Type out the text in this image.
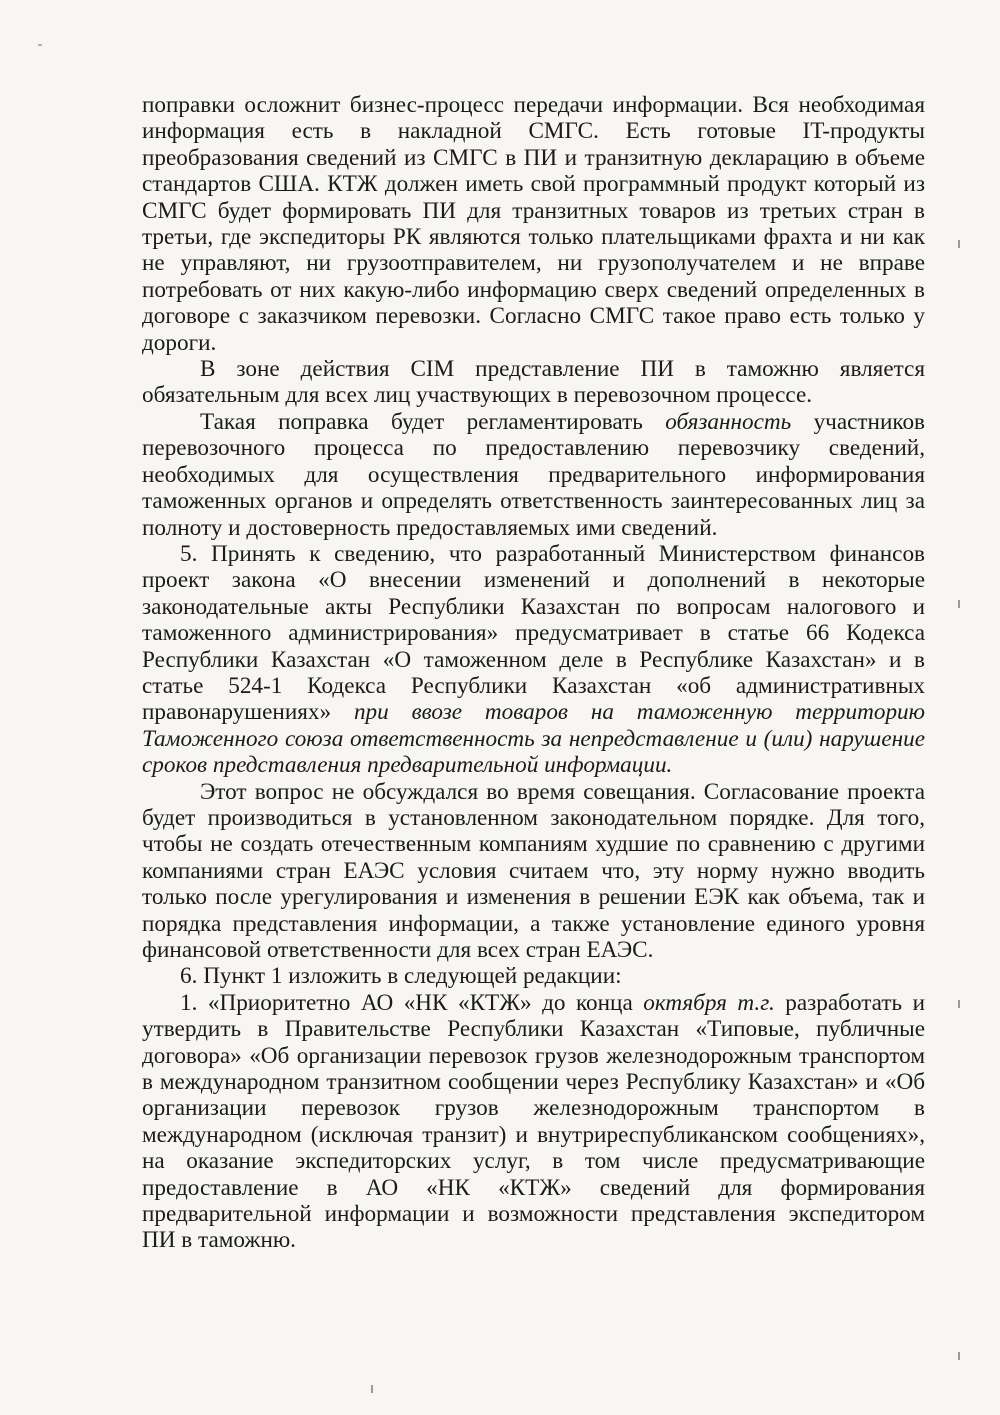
поправки осложнит бизнес-процесс передачи информации. Вся необходимая информация есть в накладной СМГС. Есть готовые IT-продукты преобразования сведений из СМГС в ПИ и транзитную декларацию в объеме стандартов США. КТЖ должен иметь свой программный продукт который из СМГС будет формировать ПИ для транзитных товаров из третьих стран в третьи, где экспедиторы РК являются только плательщиками фрахта и ни как не управляют, ни грузоотправителем, ни грузополучателем и не вправе потребовать от них какую-либо информацию сверх сведений определенных в договоре с заказчиком перевозки. Согласно СМГС такое право есть только у дороги.

В зоне действия CIM представление ПИ в таможню является обязательным для всех лиц участвующих в перевозочном процессе.

Такая поправка будет регламентировать обязанность участников перевозочного процесса по предоставлению перевозчику сведений, необходимых для осуществления предварительного информирования таможенных органов и определять ответственность заинтересованных лиц за полноту и достоверность предоставляемых ими сведений.

5. Принять к сведению, что разработанный Министерством финансов проект закона «О внесении изменений и дополнений в некоторые законодательные акты Республики Казахстан по вопросам налогового и таможенного администрирования» предусматривает в статье 66 Кодекса Республики Казахстан «О таможенном деле в Республике Казахстан» и в статье 524-1 Кодекса Республики Казахстан «об административных правонарушениях» при ввозе товаров на таможенную территорию Таможенного союза ответственность за непредставление и (или) нарушение сроков представления предварительной информации.

Этот вопрос не обсуждался во время совещания. Согласование проекта будет производиться в установленном законодательном порядке. Для того, чтобы не создать отечественным компаниям худшие по сравнению с другими компаниями стран ЕАЭС условия считаем что, эту норму нужно вводить только после урегулирования и изменения в решении ЕЭК как объема, так и порядка представления информации, а также установление единого уровня финансовой ответственности для всех стран ЕАЭС.

6. Пункт 1 изложить в следующей редакции:

1. «Приоритетно АО «НК «КТЖ» до конца октября т.г. разработать и утвердить в Правительстве Республики Казахстан «Типовые, публичные договора» «Об организации перевозок грузов железнодорожным транспортом в международном транзитном сообщении через Республику Казахстан» и «Об организации перевозок грузов железнодорожным транспортом в международном (исключая транзит) и внутриреспубликанском сообщениях», на оказание экспедиторских услуг, в том числе предусматривающие предоставление в АО «НК «КТЖ» сведений для формирования предварительной информации и возможности представления экспедитором ПИ в таможню.
